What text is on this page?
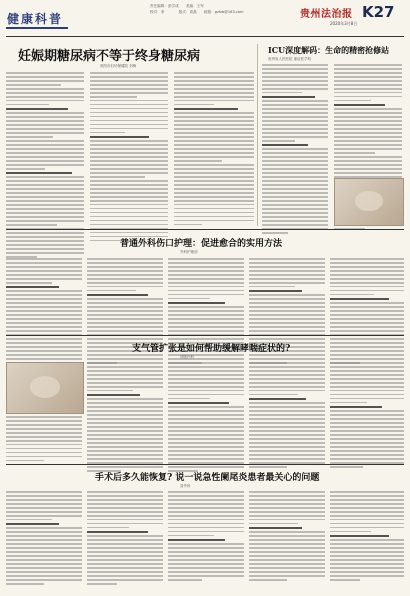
健康科普
责任编辑：彭学成　　美编：王军
校对：李　　　　版式：周晶　　邮箱：gzfzb@163.com	贵州法治报 K27
2020年3月8日
妊娠期糖尿病不等于终身糖尿病
贵阳市妇幼保健院 刘梅
ICU深度解码：生命的精密抢修站
贵州省人民医院 重症医学科
普通外科伤口护理：促进愈合的实用方法
外科护理部
支气管扩张是如何帮助缓解哮喘症状的?
呼吸内科
手术后多久能恢复? 说一说急性阑尾炎患者最关心的问题
普外科
